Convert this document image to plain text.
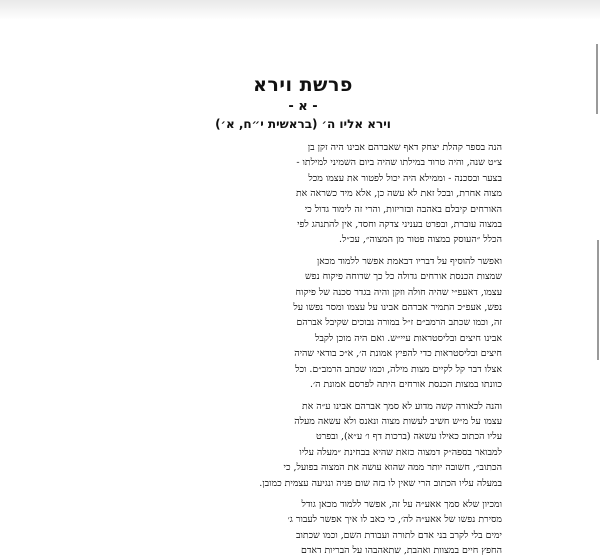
פרשת וירא
- א -
וירא אליו ה׳ (בראשית י״ח, א׳)

הנה בספר קהלת יצחק דאף שאברהם אבינו היה זקן בן
צ״ט שנה, והיה טרוד במילתו שהיה ביום השמיני למילתו -
בצער ובסכנה - וממילא היה יכול לפטור את עצמו מכל
מצוה אחרת, ובכל זאת לא עשה כן, אלא מיד כשראה את
האורחים קיבלם באהבה ובזריזות, והרי זה לימוד גדול כי
במצוה עוברת, ובפרט בעניני צדקה וחסד, אין להתנהג לפי
הכלל ״העוסק במצוה פטור מן המצוה״, עכ״ל.

ואפשר להוסיף על דבריו דבאמת אפשר ללמוד מכאן
שמצות הכנסת אורחים גדולה כל כך שדוחה פיקוח נפש
עצמו, דאעפ״י שהיה חולה וזקן והיה בגדר סכנה של פיקוח
נפש, אעפ״כ התמיר אברהם אבינו על עצמו ומסר נפשו על
זה, וכמו שכתב הרמב״ם ז״ל במורה נבוכים שקיבל אברהם
אבינו חיצים ובליסטראות עיי״ש. ואם היה מוכן לקבל
חיצים ובליסטראות כדי להפיץ אמונת ה׳, א״כ בודאי שהיה
אצלו דבר קל לקיים מצות מילה, וכמו שכתב הרמב״ם. וכל
כוונתו במצות הכנסת אורחים היתה לפרסם אמונת ה׳.

והנה לכאורה קשה מדוע לא סמך אברהם אבינו ע״ה את
עצמו על מ״ש חשיב לעשות מצוה ונאנס ולא עשאה מעלה
עליו הכתוב כאילו עשאה (ברכות דף ו׳ ע״א), ובפרט
למבואר בספה״ק דמצוה כזאת שהיא בבחינת ״מעלה עליו
הכתוב״, חשובה יותר ממה שהוא עושה את המצוה בפועל, כי
במעלה עליו הכתוב הרי שאין לו בזה שום פניה ונגיעה עצמית כמובן.

ומכיון שלא סמך אאע״ה על זה, אפשר ללמוד מכאן גודל
מסירת נפשו של אאע״ה לה׳, כי כאב לו איך אפשר לעבור ג׳
ימים בלי לקרב בני אדם לתורה ועבודת השם, וכמו שכתוב
החפץ חיים במצוות ואהבת, שתאהבהו על הבריות דאדם
